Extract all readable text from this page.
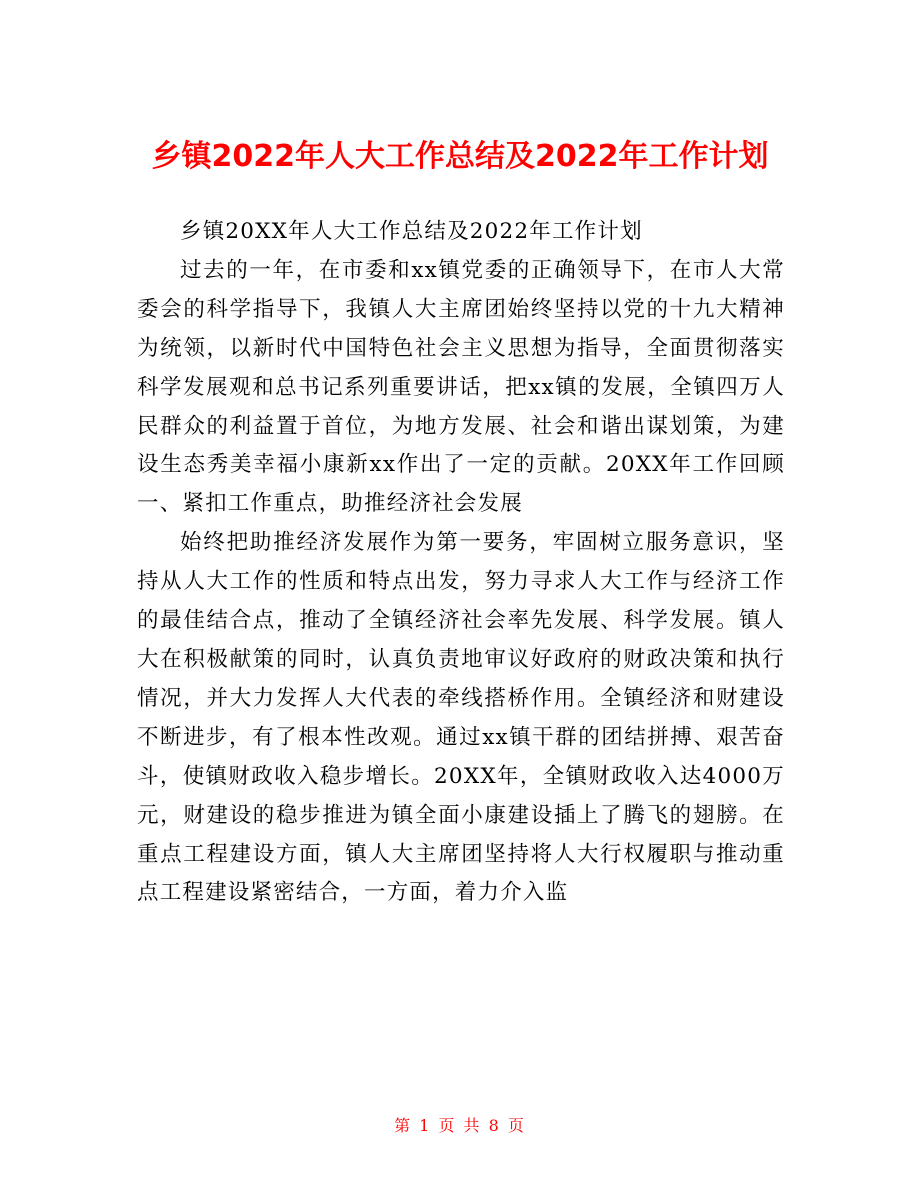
乡镇2022年人大工作总结及2022年工作计划

乡镇20XX年人大工作总结及2022年工作计划

过去的一年，在市委和xx镇党委的正确领导下，在市人大常委会的科学指导下，我镇人大主席团始终坚持以党的十九大精神为统领，以新时代中国特色社会主义思想为指导，全面贯彻落实科学发展观和总书记系列重要讲话，把xx镇的发展，全镇四万人民群众的利益置于首位，为地方发展、社会和谐出谋划策，为建设生态秀美幸福小康新xx作出了一定的贡献。20XX年工作回顾一、紧扣工作重点，助推经济社会发展

始终把助推经济发展作为第一要务，牢固树立服务意识，坚持从人大工作的性质和特点出发，努力寻求人大工作与经济工作的最佳结合点，推动了全镇经济社会率先发展、科学发展。镇人大在积极献策的同时，认真负责地审议好政府的财政决策和执行情况，并大力发挥人大代表的牵线搭桥作用。全镇经济和财建设不断进步，有了根本性改观。通过xx镇干群的团结拼搏、艰苦奋斗，使镇财政收入稳步增长。20XX年，全镇财政收入达4000万元，财建设的稳步推进为镇全面小康建设插上了腾飞的翅膀。在重点工程建设方面，镇人大主席团坚持将人大行权履职与推动重点工程建设紧密结合，一方面，着力介入监

第 1 页 共 8 页
